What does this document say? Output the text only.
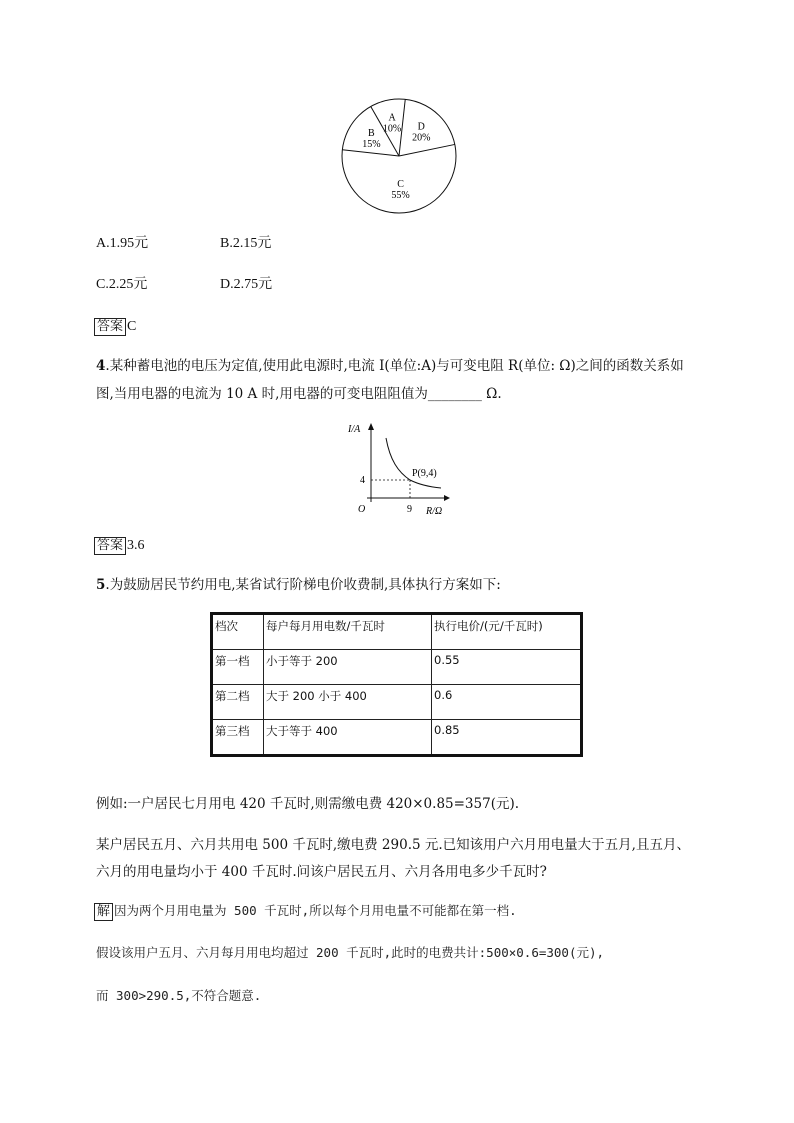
A
10% D
20%
C
55%
B
15%
A.1.95元	B.2.15元
C.2.25元	D.2.75元
答案 C
4.某种蓄电池的电压为定值,使用此电源时,电流 I(单位:A)与可变电阻 R(单位: Ω)之间的函数关系如
图,当用电器的电流为 10 A 时,用电器的可变电阻阻值为________ Ω.
I/A
R/Ω
O
P(9,4)
9
4
答案 3.6
5.为鼓励居民节约用电,某省试行阶梯电价收费制,具体执行方案如下:
档次	每户每月用电数/千瓦时	执行电价/(元/千瓦时)
第一档	小于等于 200	0.55
第二档	大于 200 小于 400	0.6
第三档	大于等于 400	0.85
例如:一户居民七月用电 420 千瓦时,则需缴电费 420×0.85=357(元).
某户居民五月、六月共用电 500 千瓦时,缴电费 290.5 元.已知该用户六月用电量大于五月,且五月、
六月的用电量均小于 400 千瓦时.问该户居民五月、六月各用电多少千瓦时?
解 因为两个月用电量为 500 千瓦时,所以每个月用电量不可能都在第一档.
假设该用户五月、六月每月用电均超过 200 千瓦时,此时的电费共计:500×0.6=300(元),
而 300>290.5,不符合题意.
